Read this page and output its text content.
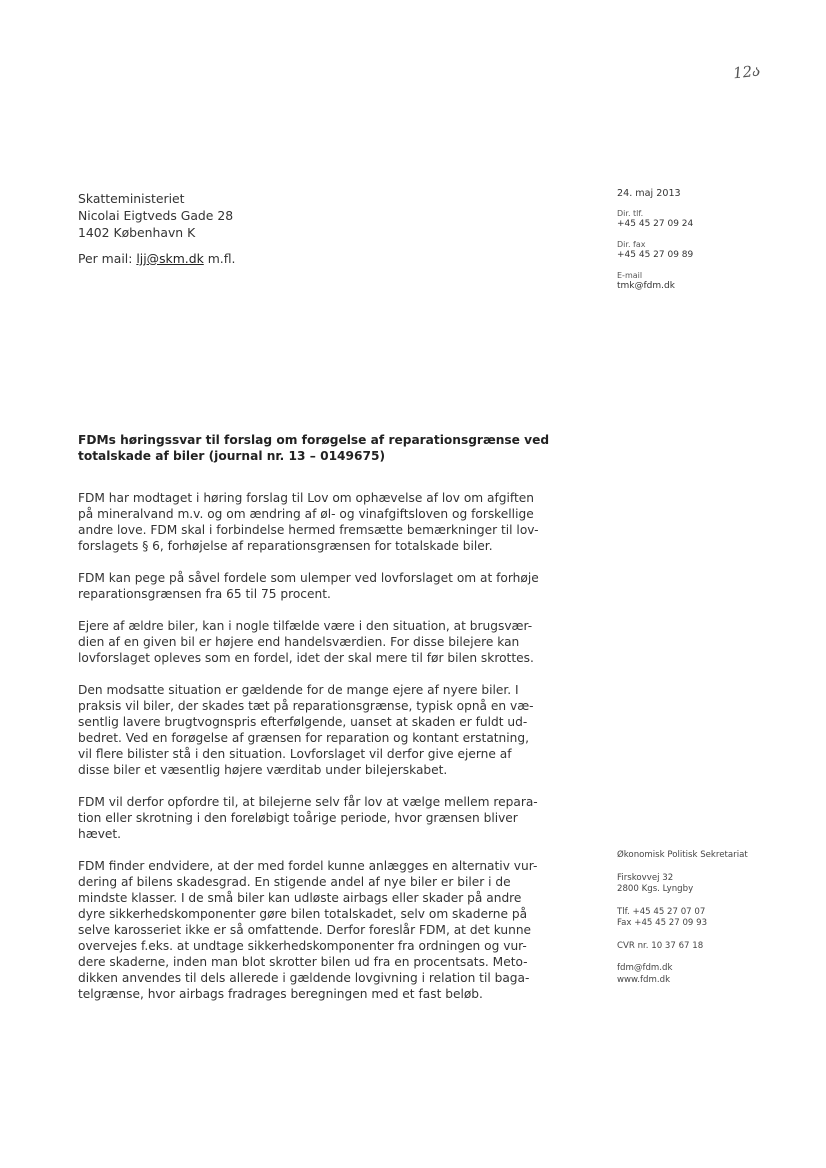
12ა
Skatteministeriet
Nicolai Eigtveds Gade 28
1402 København K
Per mail: ljj@skm.dk m.fl.
24. maj 2013
Dir. tlf.
+45 45 27 09 24
Dir. fax
+45 45 27 09 89
E-mail
tmk@fdm.dk
FDMs høringssvar til forslag om forøgelse af reparationsgrænse ved
totalskade af biler (journal nr. 13 – 0149675)

FDM har modtaget i høring forslag til Lov om ophævelse af lov om afgiften
på mineralvand m.v. og om ændring af øl- og vinafgiftsloven og forskellige
andre love. FDM skal i forbindelse hermed fremsætte bemærkninger til lov-
forslagets § 6, forhøjelse af reparationsgrænsen for totalskade biler.

FDM kan pege på såvel fordele som ulemper ved lovforslaget om at forhøje
reparationsgrænsen fra 65 til 75 procent.

Ejere af ældre biler, kan i nogle tilfælde være i den situation, at brugsvær-
dien af en given bil er højere end handelsværdien. For disse bilejere kan
lovforslaget opleves som en fordel, idet der skal mere til før bilen skrottes.

Den modsatte situation er gældende for de mange ejere af nyere biler. I
praksis vil biler, der skades tæt på reparationsgrænse, typisk opnå en væ-
sentlig lavere brugtvognspris efterfølgende, uanset at skaden er fuldt ud-
bedret. Ved en forøgelse af grænsen for reparation og kontant erstatning,
vil flere bilister stå i den situation. Lovforslaget vil derfor give ejerne af
disse biler et væsentlig højere værditab under bilejerskabet.

FDM vil derfor opfordre til, at bilejerne selv får lov at vælge mellem repara-
tion eller skrotning i den foreløbigt toårige periode, hvor grænsen bliver
hævet.

FDM finder endvidere, at der med fordel kunne anlægges en alternativ vur-
dering af bilens skadesgrad. En stigende andel af nye biler er biler i de
mindste klasser. I de små biler kan udløste airbags eller skader på andre
dyre sikkerhedskomponenter gøre bilen totalskadet, selv om skaderne på
selve karosseriet ikke er så omfattende. Derfor foreslår FDM, at det kunne
overvejes f.eks. at undtage sikkerhedskomponenter fra ordningen og vur-
dere skaderne, inden man blot skrotter bilen ud fra en procentsats. Meto-
dikken anvendes til dels allerede i gældende lovgivning i relation til baga-
telgrænse, hvor airbags fradrages beregningen med et fast beløb.

Økonomisk Politisk Sekretariat
Firskovvej 32
2800 Kgs. Lyngby
Tlf. +45 45 27 07 07
Fax +45 45 27 09 93
CVR nr. 10 37 67 18
fdm@fdm.dk
www.fdm.dk
